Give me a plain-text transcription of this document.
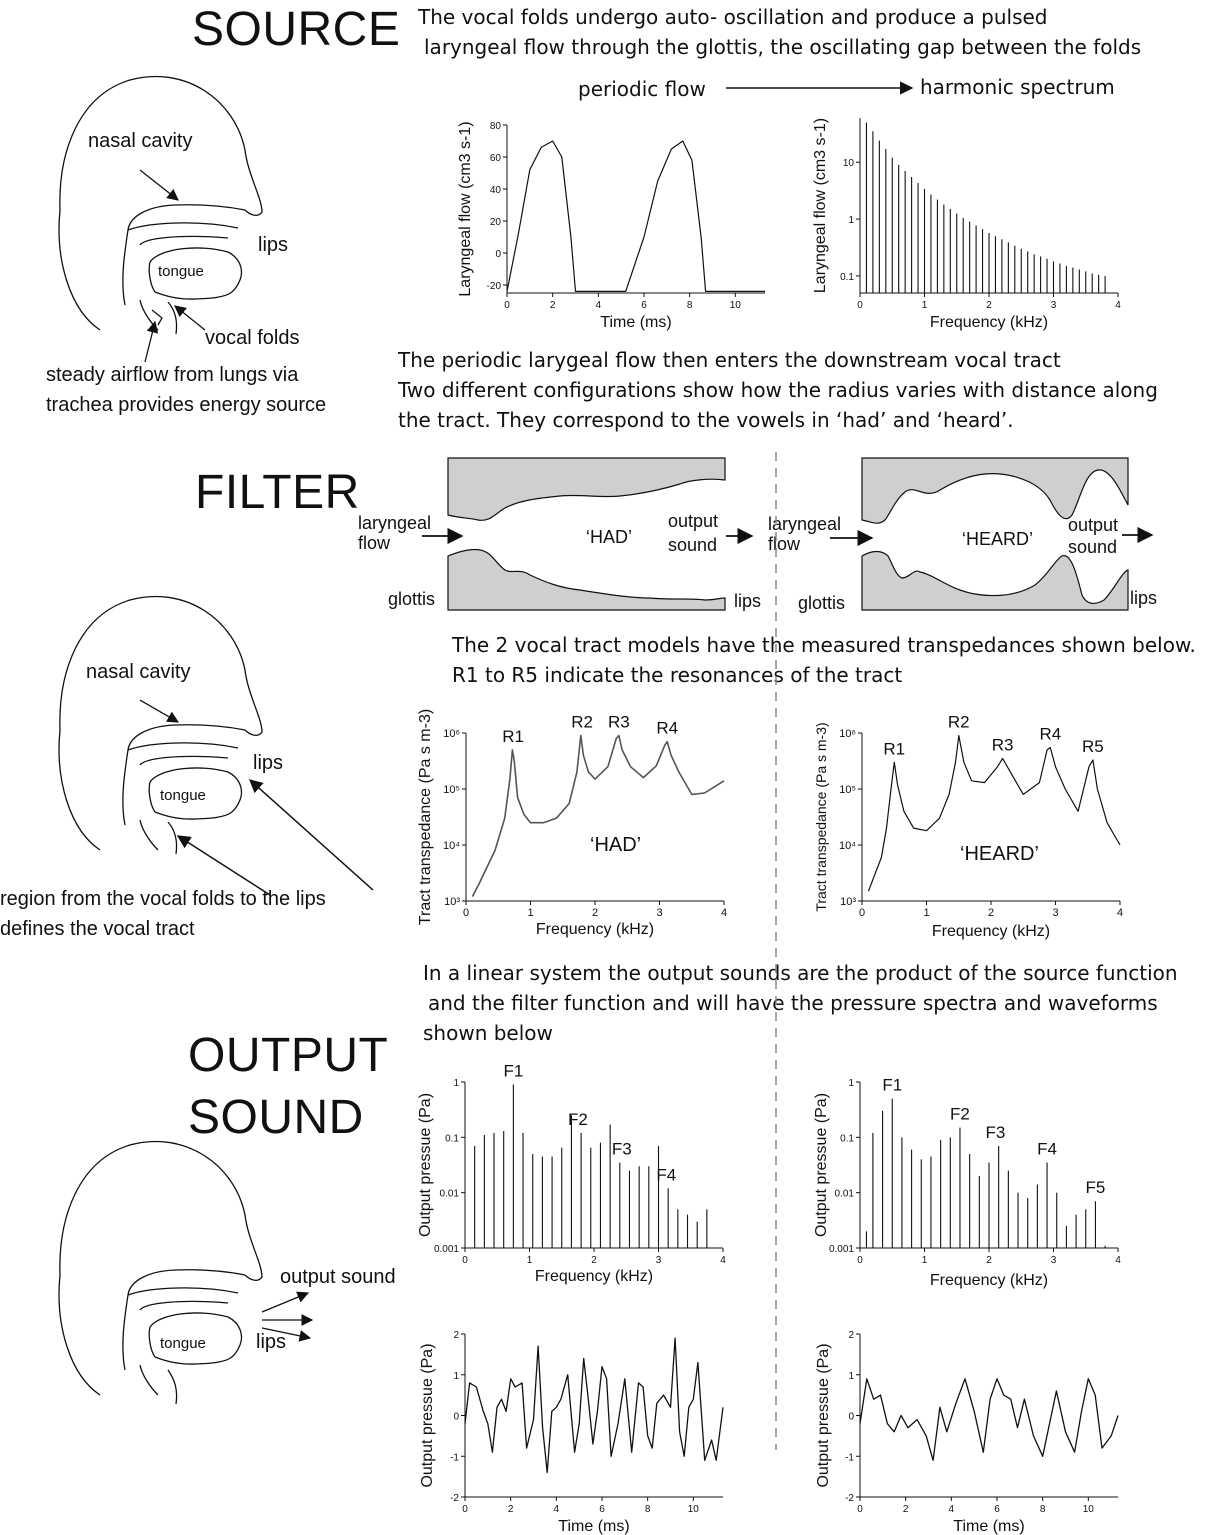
SOURCE
FILTER
OUTPUT
SOUND
The vocal folds undergo auto- oscillation and produce a pulsed
laryngeal flow through the glottis, the oscillating gap between the folds
The periodic larygeal flow then enters the downstream vocal tract
Two different configurations show how the radius varies with distance along
the tract. They correspond to the vowels in ‘had’ and ‘heard’.
The 2 vocal tract models have the measured transpedances shown below.
R1 to R5 indicate the resonances of the tract
In a linear system the output sounds are the product of the source function
and the filter function and will have the pressure spectra and waveforms
shown below
periodic flow	harmonic spectrum
nasal cavity
lips
tongue
vocal folds
steady airflow from lungs via
trachea provides energy source
nasal cavity
lips
tongue
region from the vocal folds to the lips
defines the vocal tract
output sound
lips
tongue
laryngeal
flow
output
sound
‘HAD’
glottis	lips
laryngeal
flow
output
sound
‘HEARD’
glottis	lips
‘HAD’	‘HEARD’
0	2	4	6	8	10
-20
0
20
40
60
80
Time (ms)
Laryngeal flow (cm3 s-1)
0	1	2	3	4
0.1
1
10
Frequency (kHz)
Laryngeal flow (cm3 s-1)
0	1	2	3	4
10³
10⁴
10⁵
10⁶
Frequency (kHz)
Tract transpedance (Pa s m-3)	R1
R2 R3 R4
0	1	2	3	4
10³
10⁴
10⁵
10⁶
Frequency (kHz)
Tract transpedance (Pa s m-3)	R1
R2
R3
R4
R5
0	1	2	3	4
0.001
0.01
0.1
1
Frequency (kHz)
Output pressue (Pa)
F1
F2
F3
F4
0	1	2	3	4
0.001
0.01
0.1
1
Frequency (kHz)
Output pressue (Pa)
F1
F2
F3
F4
F5
0	2	4	6	8	10
-2
-1
0
1
2
Time (ms)
Output pressue (Pa)
0	2	4	6	8	10
-2
-1
0
1
2
Time (ms)
Output pressue (Pa)
